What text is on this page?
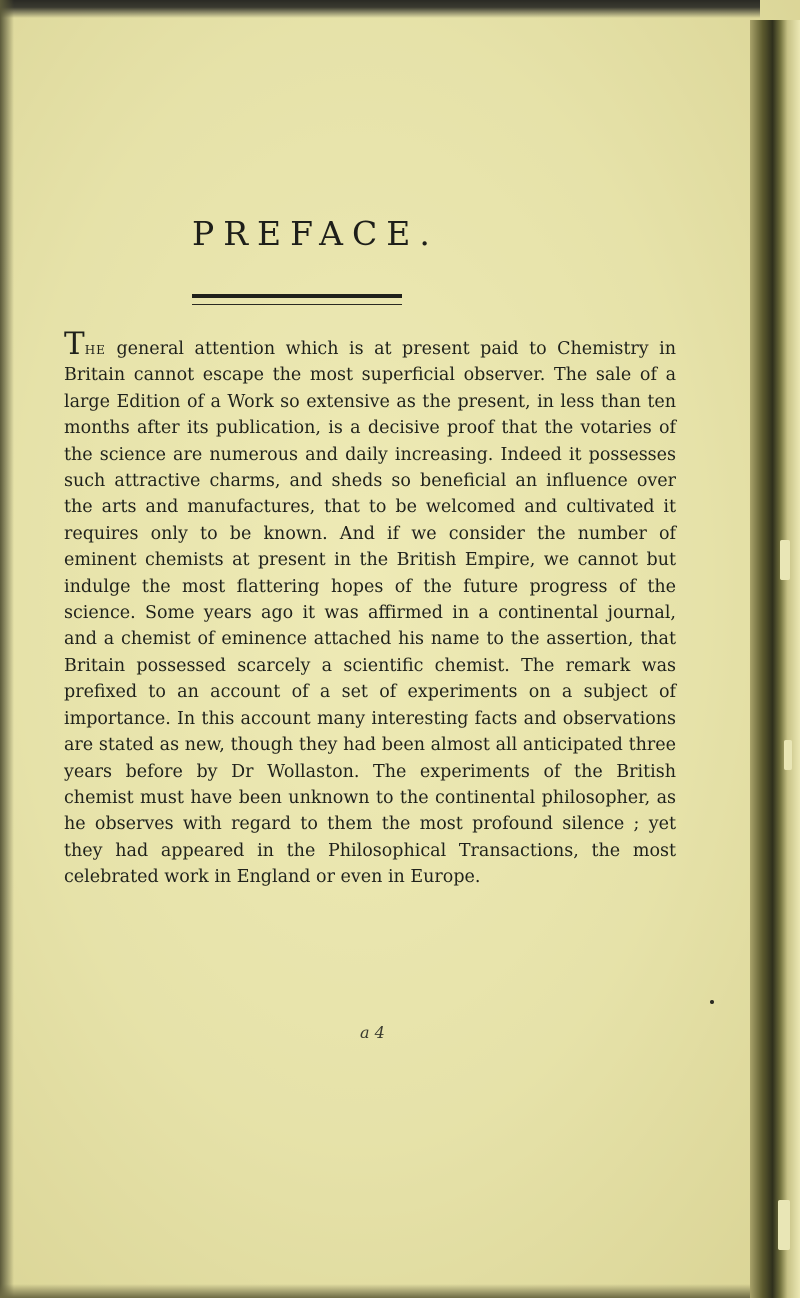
PREFACE.

The general attention which is at present paid to Chemistry in Britain cannot escape the most superficial observer. The sale of a large Edition of a Work so extensive as the present, in less than ten months after its publication, is a decisive proof that the votaries of the science are numerous and daily increasing. Indeed it possesses such attractive charms, and sheds so beneficial an influence over the arts and manufactures, that to be welcomed and cultivated it requires only to be known. And if we consider the number of eminent chemists at present in the British Empire, we cannot but indulge the most flattering hopes of the future progress of the science. Some years ago it was affirmed in a continental journal, and a chemist of eminence attached his name to the assertion, that Britain possessed scarcely a scientific chemist. The remark was prefixed to an account of a set of experiments on a subject of importance. In this account many interesting facts and observations are stated as new, though they had been almost all anticipated three years before by Dr Wollaston. The experiments of the British chemist must have been unknown to the continental philosopher, as he observes with regard to them the most profound silence ; yet they had appeared in the Philosophical Transactions, the most celebrated work in England or even in Europe.

a 4
